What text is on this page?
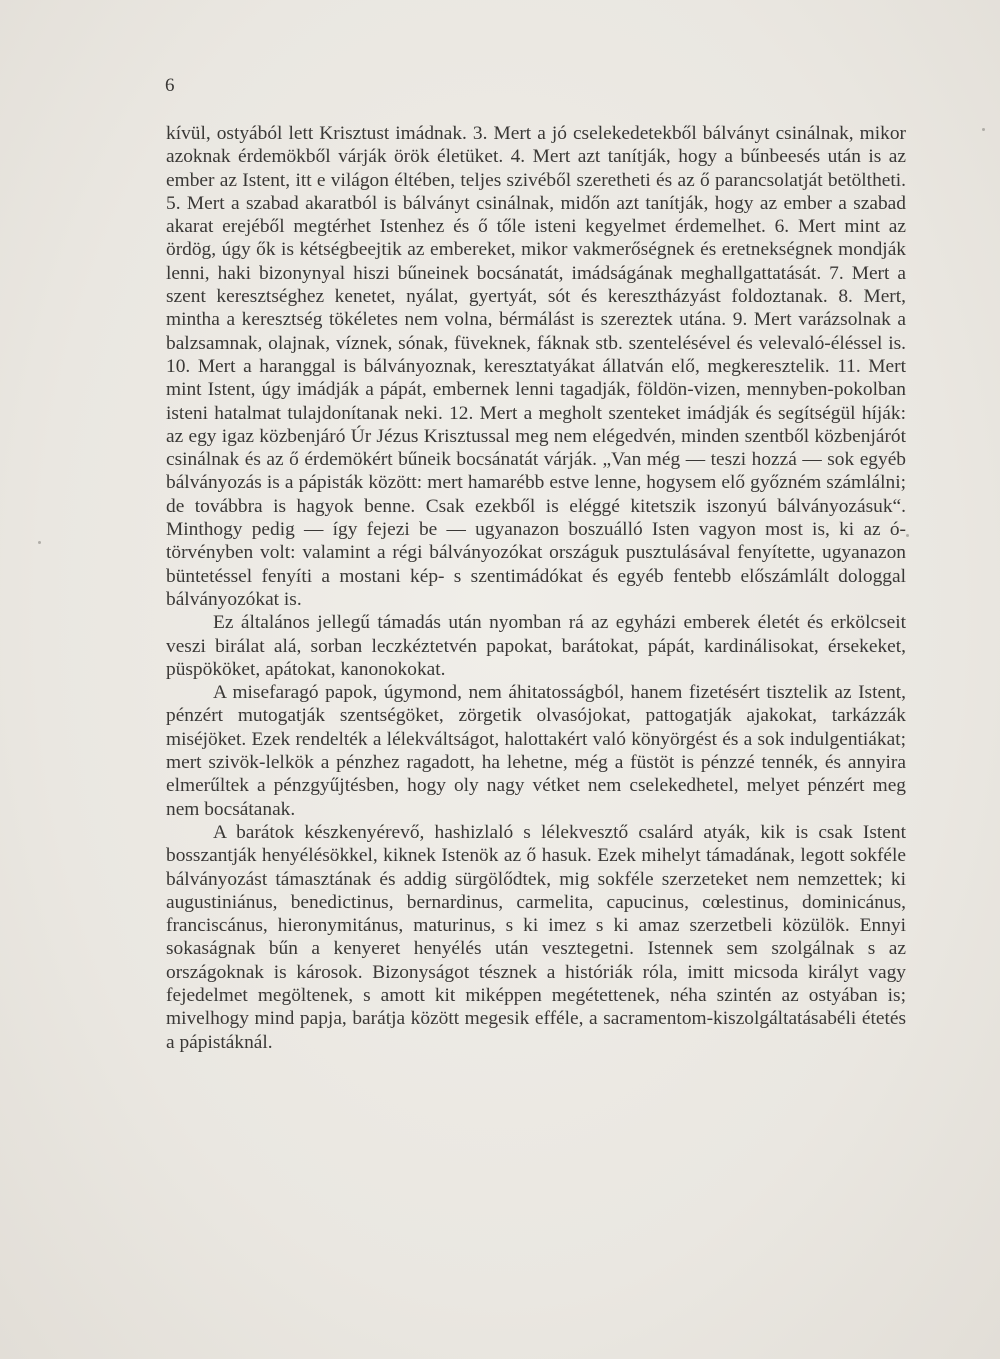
6

kívül, ostyából lett Krisztust imádnak. 3. Mert a jó cselekedetekből bálványt csinálnak, mikor azoknak érdemökből várják örök életüket. 4. Mert azt tanítják, hogy a bűnbeesés után is az ember az Istent, itt e világon éltében, teljes szivéből szeretheti és az ő parancsolatját betöltheti. 5. Mert a szabad akaratból is bálványt csinálnak, midőn azt tanítják, hogy az ember a szabad akarat erejéből megtérhet Istenhez és ő tőle isteni kegyelmet érdemelhet. 6. Mert mint az ördög, úgy ők is kétségbeejtik az embereket, mikor vakmerőségnek és eretnekségnek mondják lenni, haki bizonynyal hiszi bűneinek bocsánatát, imádságának meghallgattatását. 7. Mert a szent keresztséghez kenetet, nyálat, gyertyát, sót és keresztházyást foldoztanak. 8. Mert, mintha a keresztség tökéletes nem volna, bérmálást is szereztek utána. 9. Mert varázsolnak a balzsamnak, olajnak, víznek, sónak, füveknek, fáknak stb. szentelésével és velevaló-éléssel is. 10. Mert a haranggal is bálványoznak, keresztatyákat állatván elő, megkeresztelik. 11. Mert mint Istent, úgy imádják a pápát, embernek lenni tagadják, földön-vizen, mennyben-pokolban isteni hatalmat tulajdonítanak neki. 12. Mert a megholt szenteket imádják és segítségül híják: az egy igaz közbenjáró Úr Jézus Krisztussal meg nem elégedvén, minden szentből közbenjárót csinálnak és az ő érdemökért bűneik bocsánatát várják. „Van még — teszi hozzá — sok egyéb bálványozás is a pápisták között: mert hamarébb estve lenne, hogysem elő győzném számlálni; de továbbra is hagyok benne. Csak ezekből is eléggé kitetszik iszonyú bálványozásuk“. Minthogy pedig — így fejezi be — ugyanazon boszuálló Isten vagyon most is, ki az ó-törvényben volt: valamint a régi bálványozókat országuk pusztulásával fenyítette, ugyanazon büntetéssel fenyíti a mostani kép- s szentimádókat és egyéb fentebb előszámlált dologgal bálványozókat is.

Ez általános jellegű támadás után nyomban rá az egyházi emberek életét és erkölcseit veszi birálat alá, sorban leczkéztetvén papokat, barátokat, pápát, kardinálisokat, érsekeket, püspököket, apátokat, kanonokokat.

A misefaragó papok, úgymond, nem áhitatosságból, hanem fizetésért tisztelik az Istent, pénzért mutogatják szentségöket, zörgetik olvasójokat, pattogatják ajakokat, tarkázzák miséjöket. Ezek rendelték a lélekváltságot, halottakért való könyörgést és a sok indulgentiákat; mert szivök-lelkök a pénzhez ragadott, ha lehetne, még a füstöt is pénzzé tennék, és annyira elmerűltek a pénzgyűjtésben, hogy oly nagy vétket nem cselekedhetel, melyet pénzért meg nem bocsátanak.

A barátok készkenyérevő, hashizlaló s lélekvesztő csalárd atyák, kik is csak Istent bosszantják henyélésökkel, kiknek Istenök az ő hasuk. Ezek mihelyt támadának, legott sokféle bálványozást támasztának és addig sürgölődtek, mig sokféle szerzeteket nem nemzettek; ki augustiniánus, benedictinus, bernardinus, carmelita, capucinus, cœlestinus, dominicánus, franciscánus, hieronymitánus, maturinus, s ki imez s ki amaz szerzetbeli közülök. Ennyi sokaságnak bűn a kenyeret henyélés után vesztegetni. Istennek sem szolgálnak s az országoknak is károsok. Bizonyságot tésznek a históriák róla, imitt micsoda királyt vagy fejedelmet megöltenek, s amott kit miképpen megétettenek, néha szintén az ostyában is; mivelhogy mind papja, barátja között megesik efféle, a sacramentom-kiszolgáltatásabéli étetés a pápistáknál.
